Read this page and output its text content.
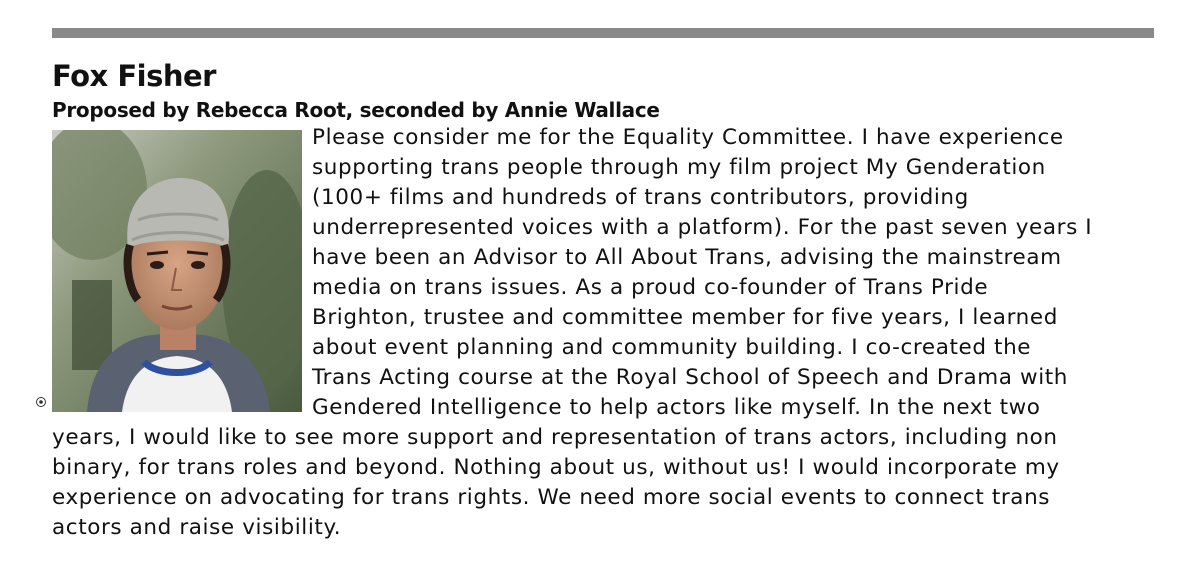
Fox Fisher
Proposed by Rebecca Root, seconded by Annie Wallace
Please consider me for the Equality Committee. I have experience
supporting trans people through my film project My Genderation
(100+ films and hundreds of trans contributors, providing
underrepresented voices with a platform). For the past seven years I
have been an Advisor to All About Trans, advising the mainstream
media on trans issues. As a proud co-founder of Trans Pride
Brighton, trustee and committee member for five years, I learned
about event planning and community building. I co-created the
Trans Acting course at the Royal School of Speech and Drama with
Gendered Intelligence to help actors like myself. In the next two
years, I would like to see more support and representation of trans actors, including non
binary, for trans roles and beyond. Nothing about us, without us! I would incorporate my
experience on advocating for trans rights. We need more social events to connect trans
actors and raise visibility.
